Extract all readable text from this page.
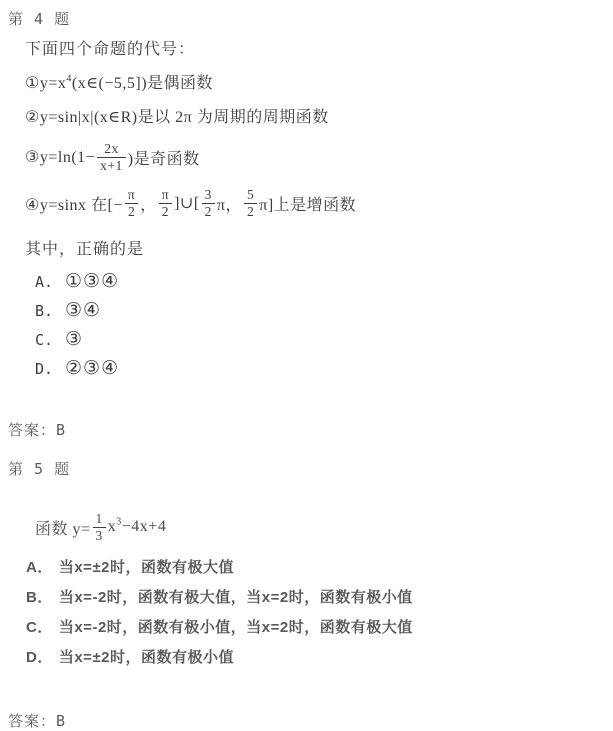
第 4 题
下面四个命题的代号：
$①y=x^4(x\in(-5,5])$是偶函数
②y=sin|x|(x∈R)是以 2π 为周期的周期函数
③y=ln(1− $\frac{2x}{x+1}$ )是奇函数
④y=sinx 在[− $\frac{\pi}{2}$ ， $\frac{\pi}{2}$ ]∪[ $\frac{3}{2}$ π， $\frac{5}{2} \pi$]上是增函数
其中，正确的是
A. ①③④
B. ③④
C. ③
D. ②③④
答案：B
第 5 题
函数 $y= \frac{1}{3} x^3-4x+4$
A． 当x=±2时，函数有极大值
B． 当x=-2时，函数有极大值，当x=2时，函数有极小值
C． 当x=-2时，函数有极小值，当x=2时，函数有极大值
D． 当x=±2时，函数有极小值
答案：B
